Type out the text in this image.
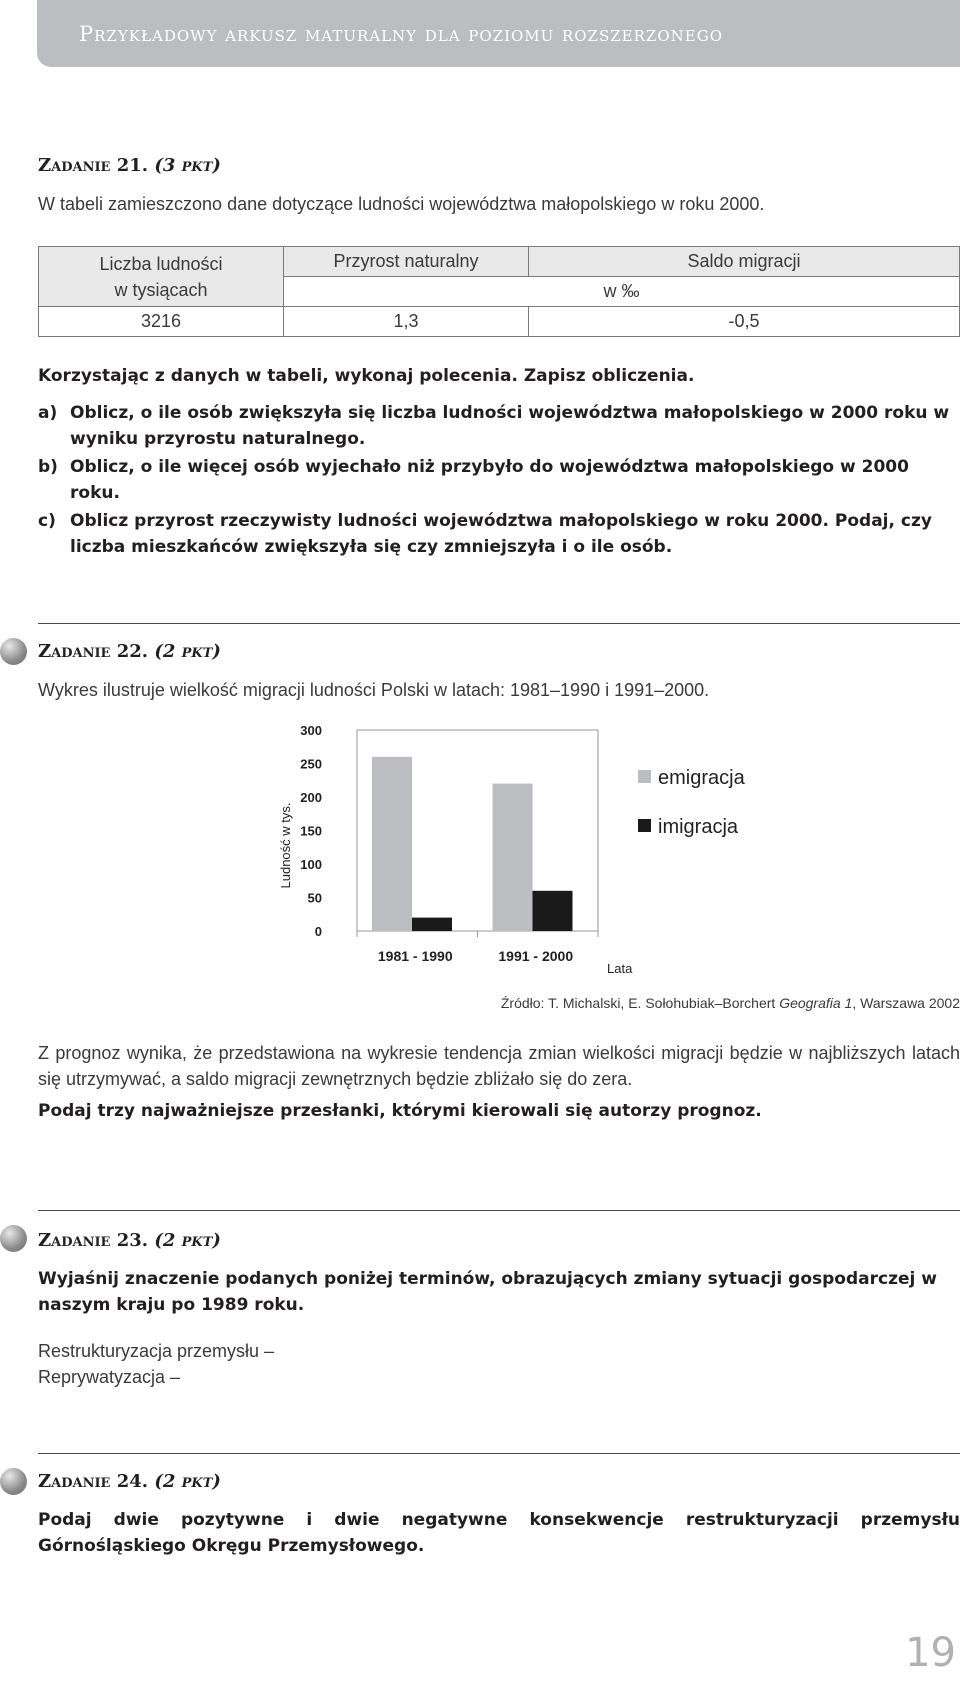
Przykładowy arkusz maturalny dla poziomu rozszerzonego
Zadanie 21. (3 pkt)
W tabeli zamieszczono dane dotyczące ludności województwa małopolskiego w roku 2000.
Liczba ludności
w tysiącach	Przyrost naturalny	Saldo migracji
	w ‰	
3216	1,3	-0,5
Korzystając z danych w tabeli, wykonaj polecenia. Zapisz obliczenia.
a) Oblicz, o ile osób zwiększyła się liczba ludności województwa małopolskiego w 2000 roku w wyniku przyrostu naturalnego.
b) Oblicz, o ile więcej osób wyjechało niż przybyło do województwa małopolskiego w 2000 roku.
c) Oblicz przyrost rzeczywisty ludności województwa małopolskiego w roku 2000. Podaj, czy liczba mieszkańców zwiększyła się czy zmniejszyła i o ile osób.
Zadanie 22. (2 pkt)
Wykres ilustruje wielkość migracji ludności Polski w latach: 1981–1990 i 1991–2000.
0
50
100
150
200
250
300
Ludność w tys.
1981 - 1990	1991 - 2000
Lata
emigracja
imigracja
Źródło: T. Michalski, E. Sołohubiak–Borchert Geografia 1, Warszawa 2002
Z prognoz wynika, że przedstawiona na wykresie tendencja zmian wielkości migracji będzie w najbliższych latach się utrzymywać, a saldo migracji zewnętrznych będzie zbliżało się do zera.
Podaj trzy najważniejsze przesłanki, którymi kierowali się autorzy prognoz.
Zadanie 23. (2 pkt)
Wyjaśnij znaczenie podanych poniżej terminów, obrazujących zmiany sytuacji gospodarczej w naszym kraju po 1989 roku.
Restrukturyzacja przemysłu –
Reprywatyzacja –
Zadanie 24. (2 pkt)
Podaj dwie pozytywne i dwie negatywne konsekwencje restrukturyzacji przemysłu Górnośląskiego Okręgu Przemysłowego.
19
